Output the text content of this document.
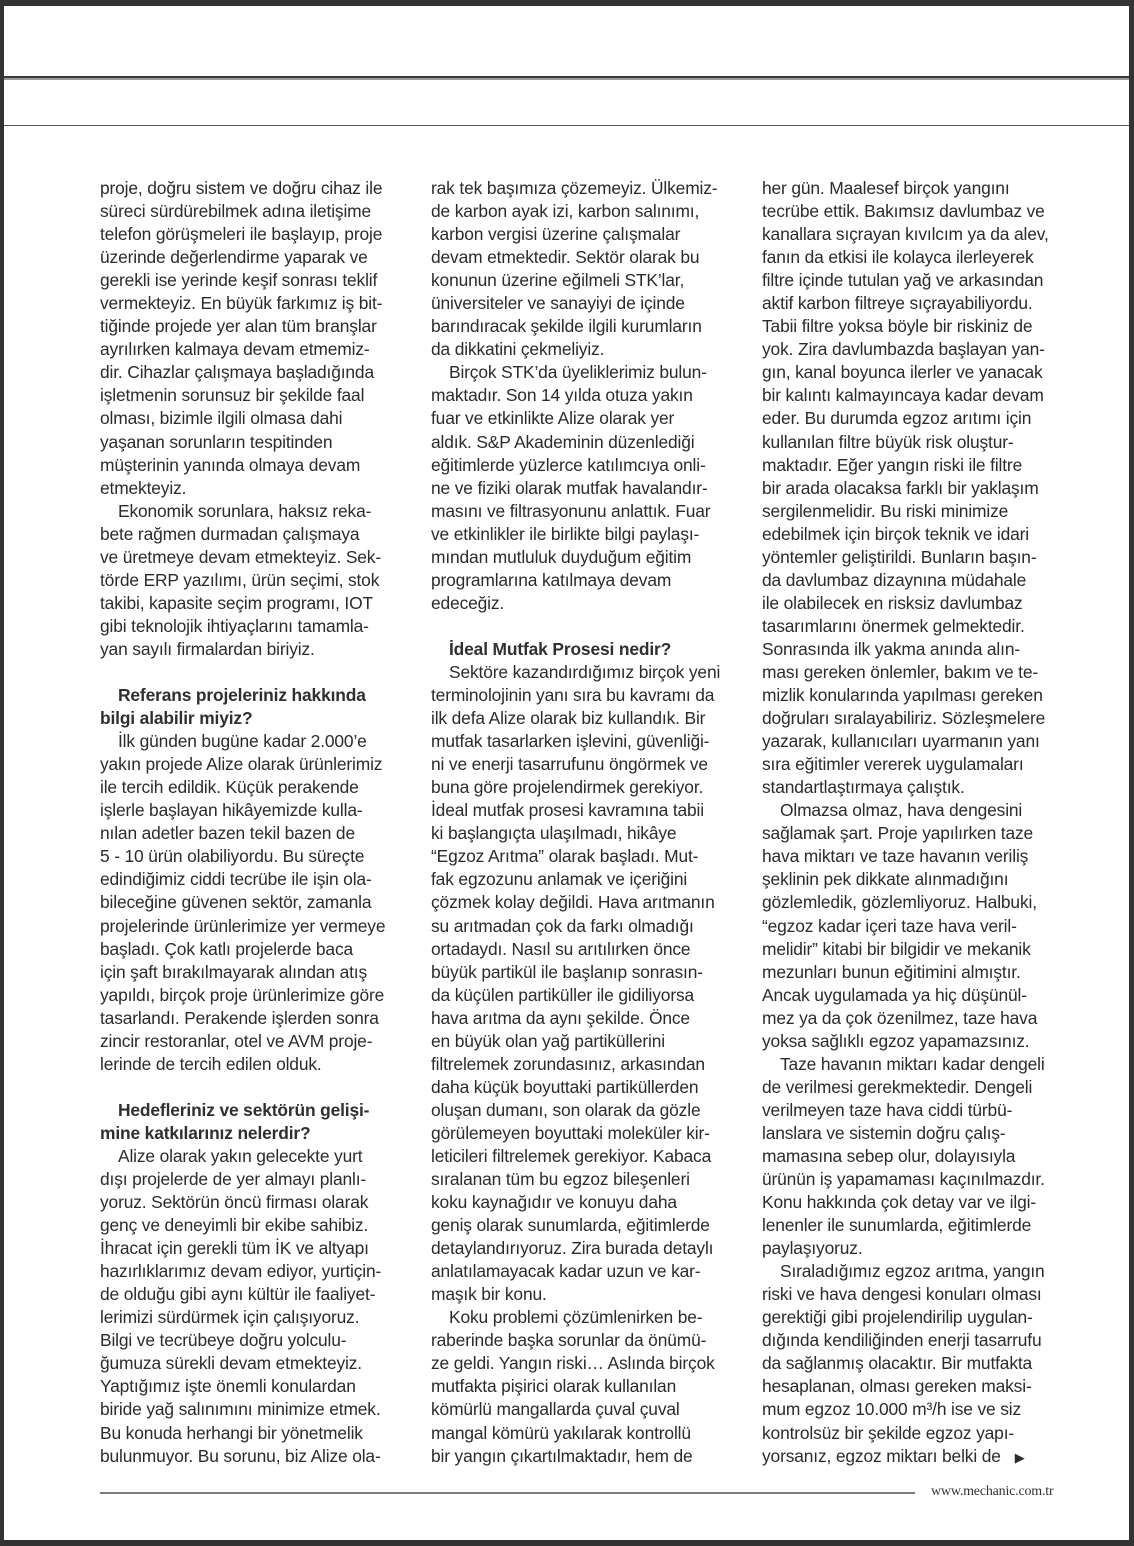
proje, doğru sistem ve doğru cihaz ile
süreci sürdürebilmek adına iletişime
telefon görüşmeleri ile başlayıp, proje
üzerinde değerlendirme yaparak ve
gerekli ise yerinde keşif sonrası teklif
vermekteyiz. En büyük farkımız iş bit-
tiğinde projede yer alan tüm branşlar
ayrılırken kalmaya devam etmemiz-
dir. Cihazlar çalışmaya başladığında
işletmenin sorunsuz bir şekilde faal
olması, bizimle ilgili olmasa dahi
yaşanan sorunların tespitinden
müşterinin yanında olmaya devam
etmekteyiz.

Ekonomik sorunlara, haksız reka-
bete rağmen durmadan çalışmaya
ve üretmeye devam etmekteyiz. Sek-
törde ERP yazılımı, ürün seçimi, stok
takibi, kapasite seçim programı, IOT
gibi teknolojik ihtiyaçlarını tamamla-
yan sayılı firmalardan biriyiz.

Referans projeleriniz hakkında
bilgi alabilir miyiz?

İlk günden bugüne kadar 2.000’e
yakın projede Alize olarak ürünlerimiz
ile tercih edildik. Küçük perakende
işlerle başlayan hikâyemizde kulla-
nılan adetler bazen tekil bazen de
5 - 10 ürün olabiliyordu. Bu süreçte
edindiğimiz ciddi tecrübe ile işin ola-
bileceğine güvenen sektör, zamanla
projelerinde ürünlerimize yer vermeye
başladı. Çok katlı projelerde baca
için şaft bırakılmayarak alından atış
yapıldı, birçok proje ürünlerimize göre
tasarlandı. Perakende işlerden sonra
zincir restoranlar, otel ve AVM proje-
lerinde de tercih edilen olduk.

Hedefleriniz ve sektörün gelişi-
mine katkılarınız nelerdir?

Alize olarak yakın gelecekte yurt
dışı projelerde de yer almayı planlı-
yoruz. Sektörün öncü firması olarak
genç ve deneyimli bir ekibe sahibiz.
İhracat için gerekli tüm İK ve altyapı
hazırlıklarımız devam ediyor, yurtiçin-
de olduğu gibi aynı kültür ile faaliyet-
lerimizi sürdürmek için çalışıyoruz.
Bilgi ve tecrübeye doğru yolculu-
ğumuza sürekli devam etmekteyiz.
Yaptığımız işte önemli konulardan
biride yağ salınımını minimize etmek.
Bu konuda herhangi bir yönetmelik
bulunmuyor. Bu sorunu, biz Alize ola-

rak tek başımıza çözemeyiz. Ülkemiz-
de karbon ayak izi, karbon salınımı,
karbon vergisi üzerine çalışmalar
devam etmektedir. Sektör olarak bu
konunun üzerine eğilmeli STK’lar,
üniversiteler ve sanayiyi de içinde
barındıracak şekilde ilgili kurumların
da dikkatini çekmeliyiz.

Birçok STK’da üyeliklerimiz bulun-
maktadır. Son 14 yılda otuza yakın
fuar ve etkinlikte Alize olarak yer
aldık. S&P Akademinin düzenlediği
eğitimlerde yüzlerce katılımcıya onli-
ne ve fiziki olarak mutfak havalandır-
masını ve filtrasyonunu anlattık. Fuar
ve etkinlikler ile birlikte bilgi paylaşı-
mından mutluluk duyduğum eğitim
programlarına katılmaya devam
edeceğiz.

İdeal Mutfak Prosesi nedir?

Sektöre kazandırdığımız birçok yeni
terminolojinin yanı sıra bu kavramı da
ilk defa Alize olarak biz kullandık. Bir
mutfak tasarlarken işlevini, güvenliği-
ni ve enerji tasarrufunu öngörmek ve
buna göre projelendirmek gerekiyor.
İdeal mutfak prosesi kavramına tabii
ki başlangıçta ulaşılmadı, hikâye
“Egzoz Arıtma” olarak başladı. Mut-
fak egzozunu anlamak ve içeriğini
çözmek kolay değildi. Hava arıtmanın
su arıtmadan çok da farkı olmadığı
ortadaydı. Nasıl su arıtılırken önce
büyük partikül ile başlanıp sonrasın-
da küçülen partiküller ile gidiliyorsa
hava arıtma da aynı şekilde. Önce
en büyük olan yağ partiküllerini
filtrelemek zorundasınız, arkasından
daha küçük boyuttaki partiküllerden
oluşan dumanı, son olarak da gözle
görülemeyen boyuttaki moleküler kir-
leticileri filtrelemek gerekiyor. Kabaca
sıralanan tüm bu egzoz bileşenleri
koku kaynağıdır ve konuyu daha
geniş olarak sunumlarda, eğitimlerde
detaylandırıyoruz. Zira burada detaylı
anlatılamayacak kadar uzun ve kar-
maşık bir konu.

Koku problemi çözümlenirken be-
raberinde başka sorunlar da önümü-
ze geldi. Yangın riski… Aslında birçok
mutfakta pişirici olarak kullanılan
kömürlü mangallarda çuval çuval
mangal kömürü yakılarak kontrollü
bir yangın çıkartılmaktadır, hem de

her gün. Maalesef birçok yangını
tecrübe ettik. Bakımsız davlumbaz ve
kanallara sıçrayan kıvılcım ya da alev,
fanın da etkisi ile kolayca ilerleyerek
filtre içinde tutulan yağ ve arkasından
aktif karbon filtreye sıçrayabiliyordu.
Tabii filtre yoksa böyle bir riskiniz de
yok. Zira davlumbazda başlayan yan-
gın, kanal boyunca ilerler ve yanacak
bir kalıntı kalmayıncaya kadar devam
eder. Bu durumda egzoz arıtımı için
kullanılan filtre büyük risk oluştur-
maktadır. Eğer yangın riski ile filtre
bir arada olacaksa farklı bir yaklaşım
sergilenmelidir. Bu riski minimize
edebilmek için birçok teknik ve idari
yöntemler geliştirildi. Bunların başın-
da davlumbaz dizaynına müdahale
ile olabilecek en risksiz davlumbaz
tasarımlarını önermek gelmektedir.
Sonrasında ilk yakma anında alın-
ması gereken önlemler, bakım ve te-
mizlik konularında yapılması gereken
doğruları sıralayabiliriz. Sözleşmelere
yazarak, kullanıcıları uyarmanın yanı
sıra eğitimler vererek uygulamaları
standartlaştırmaya çalıştık.

Olmazsa olmaz, hava dengesini
sağlamak şart. Proje yapılırken taze
hava miktarı ve taze havanın veriliş
şeklinin pek dikkate alınmadığını
gözlemledik, gözlemliyoruz. Halbuki,
“egzoz kadar içeri taze hava veril-
melidir” kitabi bir bilgidir ve mekanik
mezunları bunun eğitimini almıştır.
Ancak uygulamada ya hiç düşünül-
mez ya da çok özenilmez, taze hava
yoksa sağlıklı egzoz yapamazsınız.

Taze havanın miktarı kadar dengeli
de verilmesi gerekmektedir. Dengeli
verilmeyen taze hava ciddi türbü-
lanslara ve sistemin doğru çalış-
mamasına sebep olur, dolayısıyla
ürünün iş yapamaması kaçınılmazdır.
Konu hakkında çok detay var ve ilgi-
lenenler ile sunumlarda, eğitimlerde
paylaşıyoruz.

Sıraladığımız egzoz arıtma, yangın
riski ve hava dengesi konuları olması
gerektiği gibi projelendirilip uygulan-
dığında kendiliğinden enerji tasarrufu
da sağlanmış olacaktır. Bir mutfakta
hesaplanan, olması gereken maksi-
mum egzoz 10.000 m³/h ise ve siz
kontrolsüz bir şekilde egzoz yapı-
yorsanız, egzoz miktarı belki de ▶

www.mechanic.com.tr
